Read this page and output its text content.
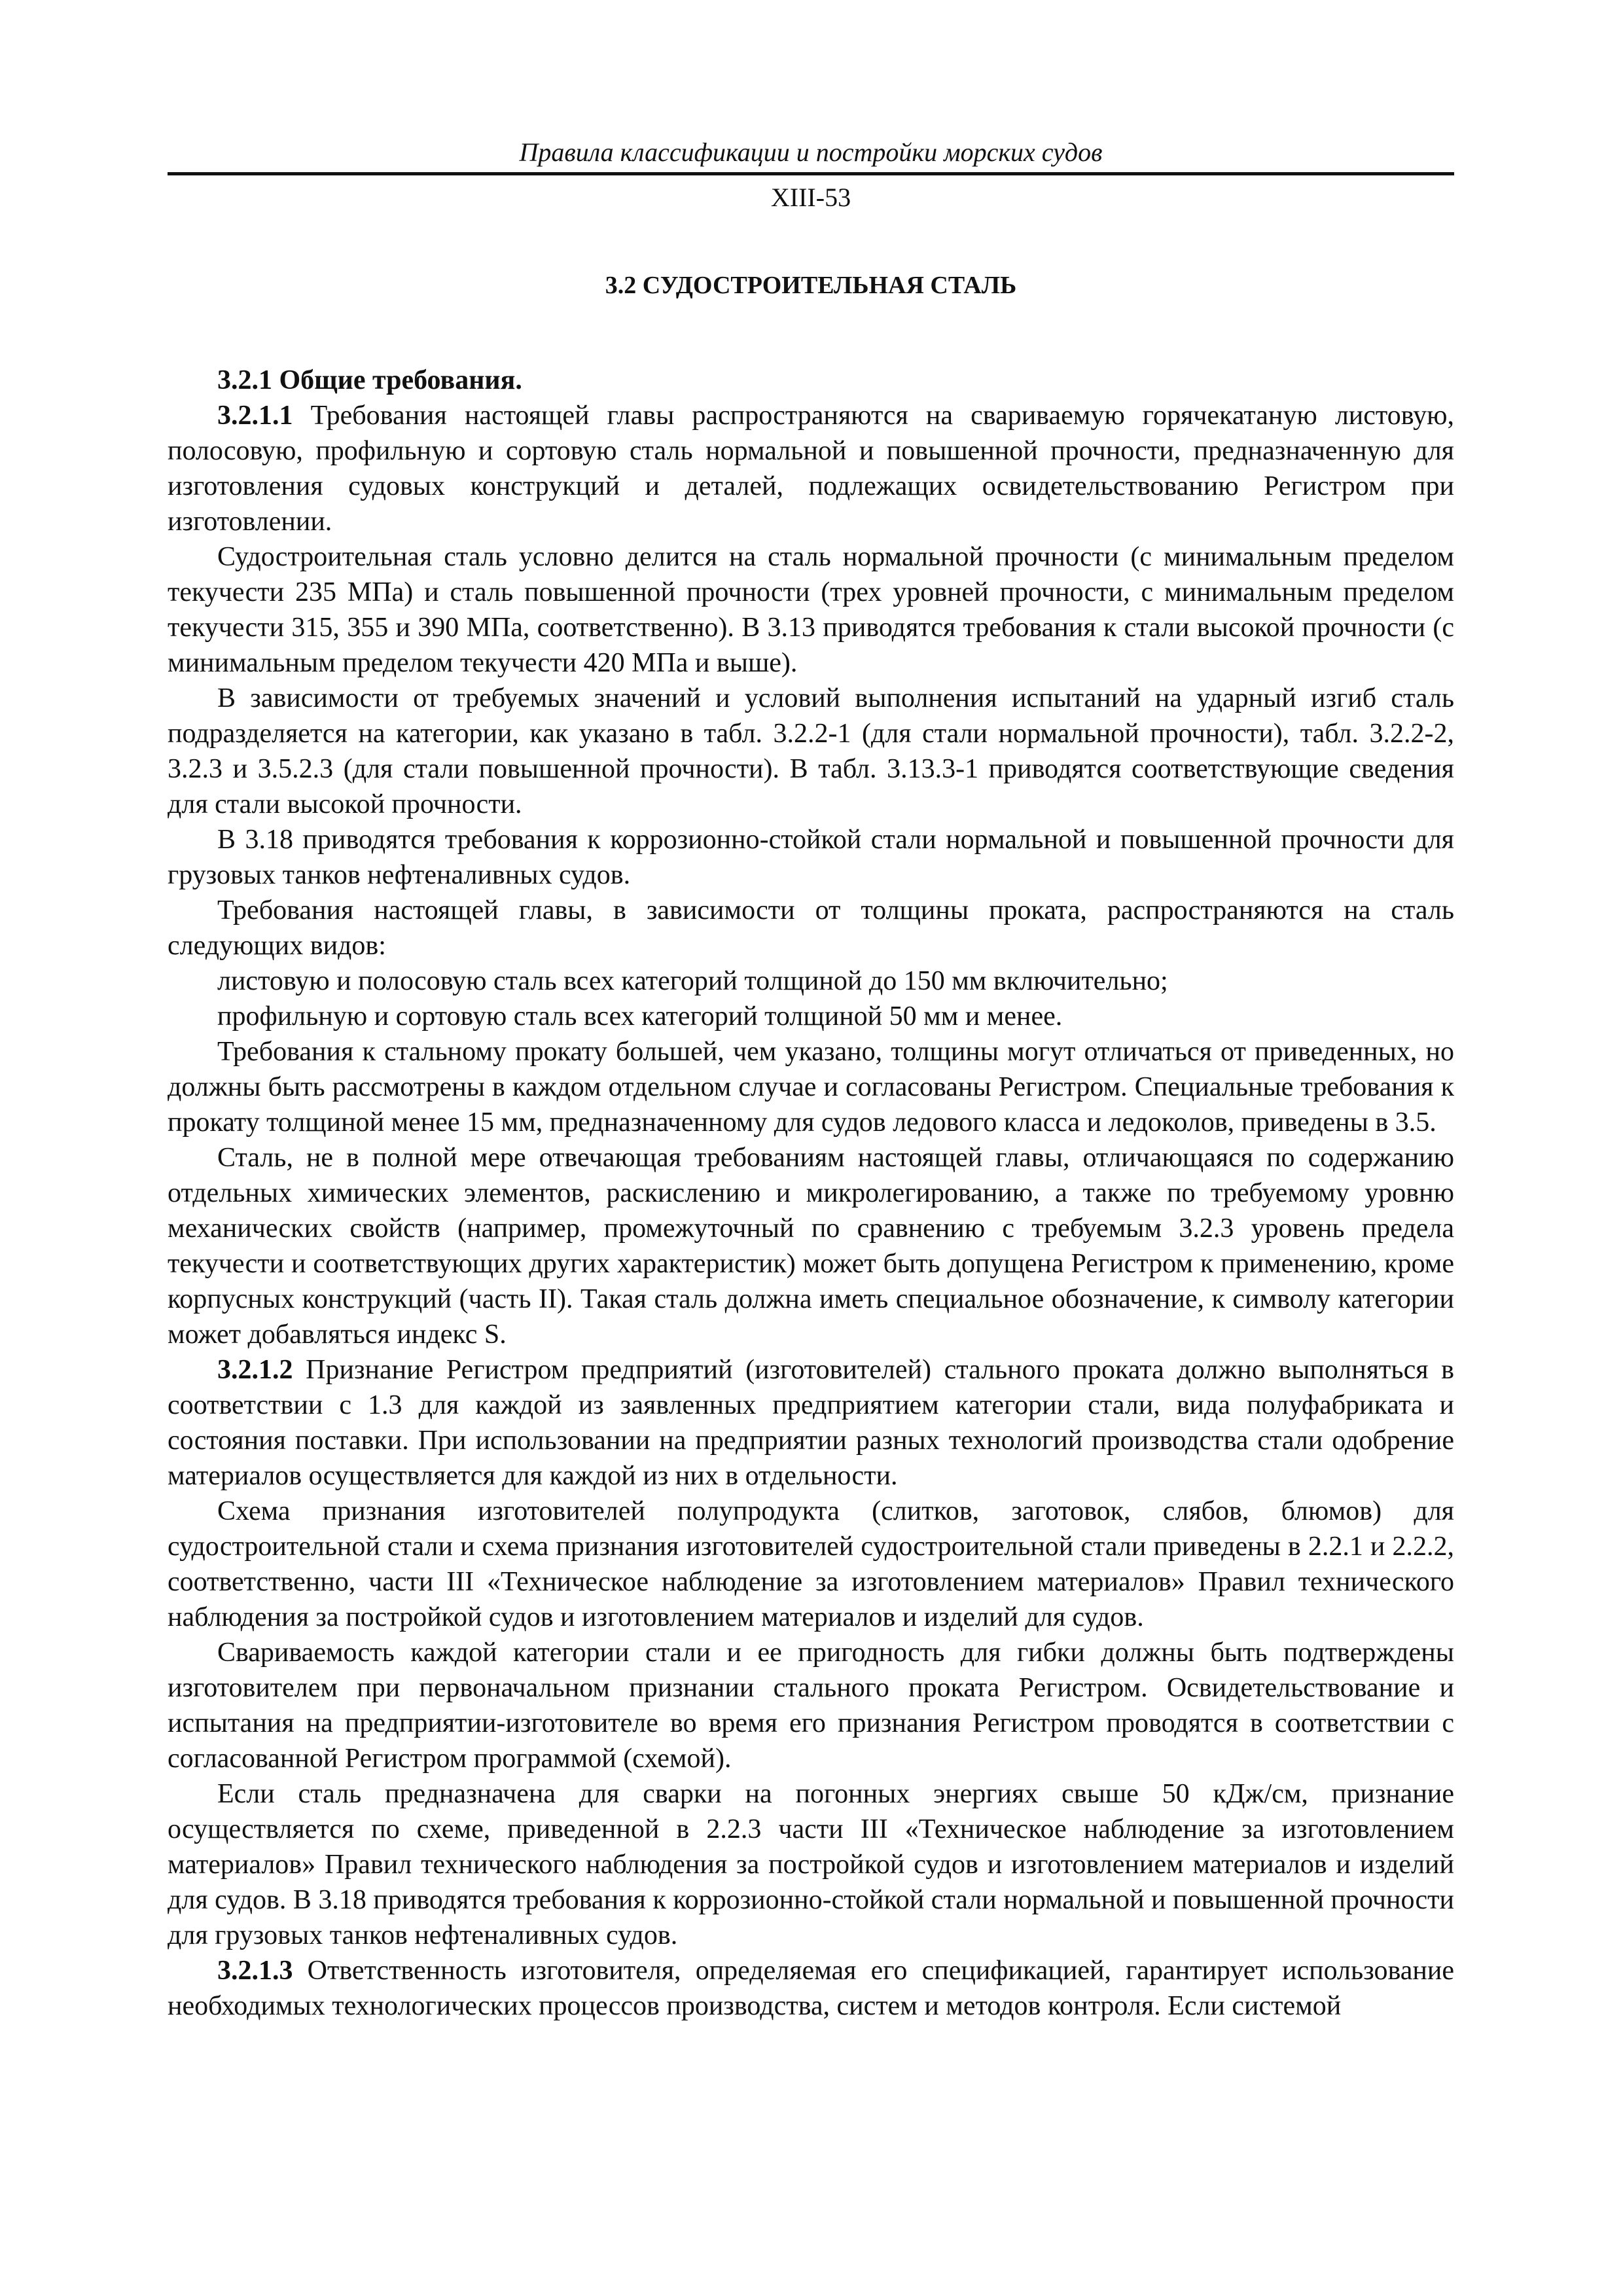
Правила классификации и постройки морских судов
XIII-53
3.2 СУДОСТРОИТЕЛЬНАЯ СТАЛЬ

3.2.1 Общие требования.

3.2.1.1 Требования настоящей главы распространяются на свариваемую горячекатаную листовую, полосовую, профильную и сортовую сталь нормальной и повышенной прочности, предназначенную для изготовления судовых конструкций и деталей, подлежащих освидетельствованию Регистром при изготовлении.

Судостроительная сталь условно делится на сталь нормальной прочности (с минимальным пределом текучести 235 МПа) и сталь повышенной прочности (трех уровней прочности, с минимальным пределом текучести 315, 355 и 390 МПа, соответственно). В 3.13 приводятся требования к стали высокой прочности (с минимальным пределом текучести 420 МПа и выше).

В зависимости от требуемых значений и условий выполнения испытаний на ударный изгиб сталь подразделяется на категории, как указано в табл. 3.2.2-1 (для стали нормальной прочности), табл. 3.2.2-2, 3.2.3 и 3.5.2.3 (для стали повышенной прочности). В табл. 3.13.3-1 приводятся соответствующие сведения для стали высокой прочности.

В 3.18 приводятся требования к коррозионно-стойкой стали нормальной и повышенной прочности для грузовых танков нефтеналивных судов.

Требования настоящей главы, в зависимости от толщины проката, распространяются на сталь следующих видов:

листовую и полосовую сталь всех категорий толщиной до 150 мм включительно;

профильную и сортовую сталь всех категорий толщиной 50 мм и менее.

Требования к стальному прокату большей, чем указано, толщины могут отличаться от приведенных, но должны быть рассмотрены в каждом отдельном случае и согласованы Регистром. Специальные требования к прокату толщиной менее 15 мм, предназначенному для судов ледового класса и ледоколов, приведены в 3.5.

Сталь, не в полной мере отвечающая требованиям настоящей главы, отличающаяся по содержанию отдельных химических элементов, раскислению и микролегированию, а также по требуемому уровню механических свойств (например, промежуточный по сравнению с требуемым 3.2.3 уровень предела текучести и соответствующих других характеристик) может быть допущена Регистром к применению, кроме корпусных конструкций (часть II). Такая сталь должна иметь специальное обозначение, к символу категории может добавляться индекс S.

3.2.1.2 Признание Регистром предприятий (изготовителей) стального проката должно выполняться в соответствии с 1.3 для каждой из заявленных предприятием категории стали, вида полуфабриката и состояния поставки. При использовании на предприятии разных технологий производства стали одобрение материалов осуществляется для каждой из них в отдельности.

Схема признания изготовителей полупродукта (слитков, заготовок, слябов, блюмов) для судостроительной стали и схема признания изготовителей судостроительной стали приведены в 2.2.1 и 2.2.2, соответственно, части III «Техническое наблюдение за изготовлением материалов» Правил технического наблюдения за постройкой судов и изготовлением материалов и изделий для судов.

Свариваемость каждой категории стали и ее пригодность для гибки должны быть подтверждены изготовителем при первоначальном признании стального проката Регистром. Освидетельствование и испытания на предприятии-изготовителе во время его признания Регистром проводятся в соответствии с согласованной Регистром программой (схемой).

Если сталь предназначена для сварки на погонных энергиях свыше 50 кДж/см, признание осуществляется по схеме, приведенной в 2.2.3 части III «Техническое наблюдение за изготовлением материалов» Правил технического наблюдения за постройкой судов и изготовлением материалов и изделий для судов. В 3.18 приводятся требования к коррозионно-стойкой стали нормальной и повышенной прочности для грузовых танков нефтеналивных судов.

3.2.1.3 Ответственность изготовителя, определяемая его спецификацией, гарантирует использование необходимых технологических процессов производства, систем и методов контроля. Если системой
